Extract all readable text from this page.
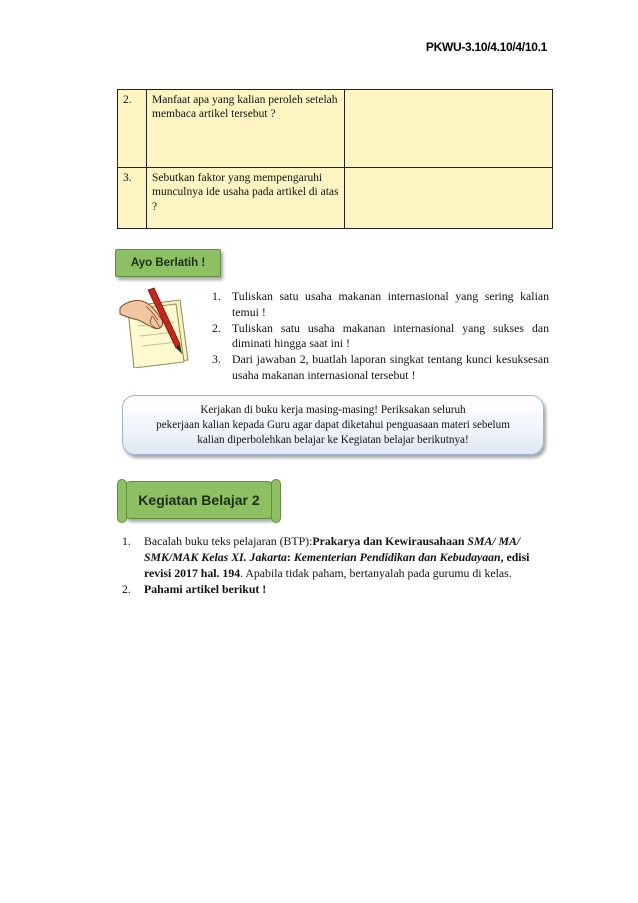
PKWU-3.10/4.10/4/10.1
2.	Manfaat apa yang kalian peroleh setelah membaca artikel tersebut ?	
3.	Sebutkan faktor yang mempengaruhi munculnya ide usaha pada artikel di atas ?	
Ayo Berlatih !
1. Tuliskan satu usaha makanan internasional yang sering kalian temui !
2. Tuliskan satu usaha makanan internasional yang sukses dan diminati hingga saat ini !
3. Dari jawaban 2, buatlah laporan singkat tentang kunci kesuksesan usaha makanan internasional tersebut !
Kerjakan di buku kerja masing-masing! Periksakan seluruh
pekerjaan kalian kepada Guru agar dapat diketahui penguasaan materi sebelum
kalian diperbolehkan belajar ke Kegiatan belajar berikutnya!
Kegiatan Belajar 2
1. Bacalah buku teks pelajaran (BTP):Prakarya dan Kewirausahaan SMA/ MA/ SMK/MAK Kelas XI. Jakarta: Kementerian Pendidikan dan Kebudayaan, edisi revisi 2017 hal. 194. Apabila tidak paham, bertanyalah pada gurumu di kelas.
2. Pahami artikel berikut !
